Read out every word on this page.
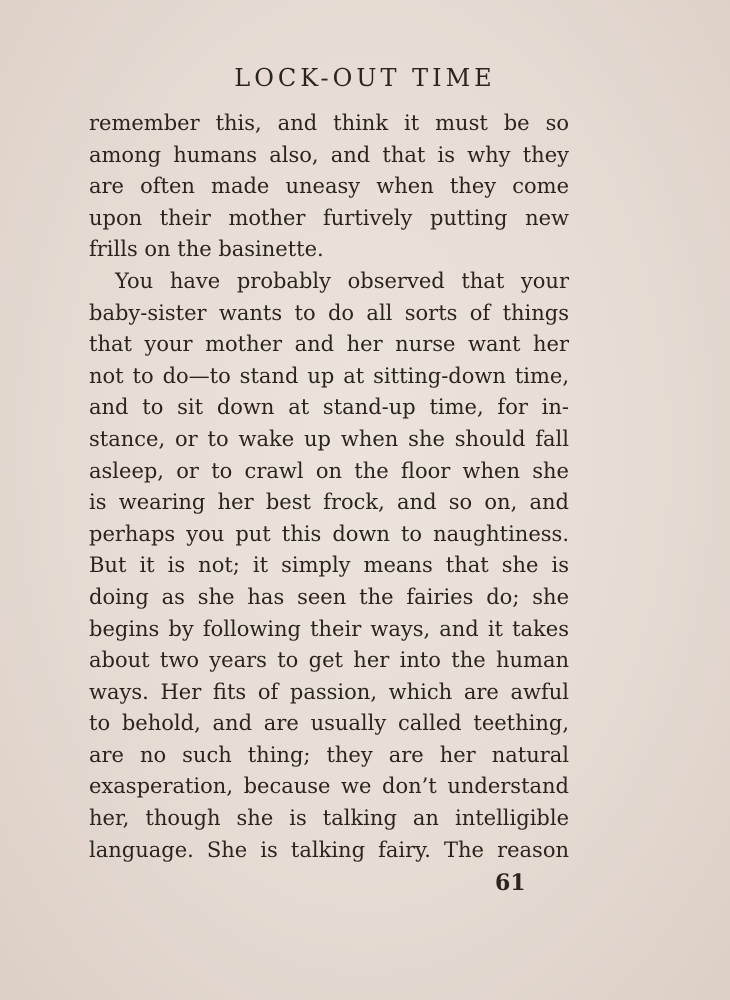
LOCK-OUT TIME
remember this, and think it must be so
among humans also, and that is why they
are often made uneasy when they come
upon their mother furtively putting new
frills on the basinette.
You have probably observed that your
baby-sister wants to do all sorts of things
that your mother and her nurse want her
not to do—to stand up at sitting-down time,
and to sit down at stand-up time, for in-
stance, or to wake up when she should fall
asleep, or to crawl on the floor when she
is wearing her best frock, and so on, and
perhaps you put this down to naughtiness.
But it is not; it simply means that she is
doing as she has seen the fairies do; she
begins by following their ways, and it takes
about two years to get her into the human
ways. Her fits of passion, which are awful
to behold, and are usually called teething,
are no such thing; they are her natural
exasperation, because we don’t understand
her, though she is talking an intelligible
language. She is talking fairy. The reason
61
